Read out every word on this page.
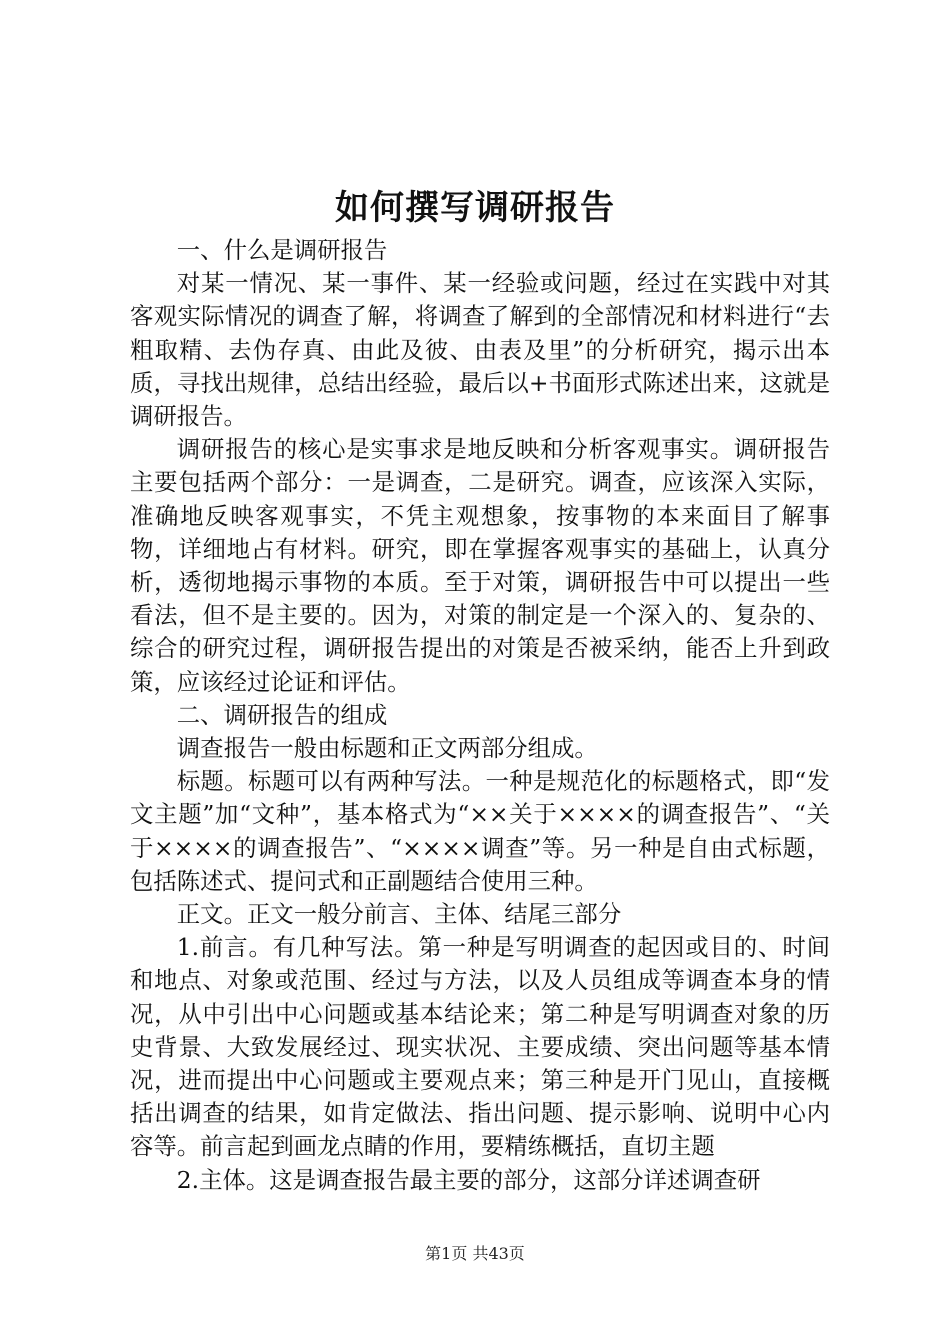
如何撰写调研报告

一、什么是调研报告

对某一情况、某一事件、某一经验或问题，经过在实践中对其客观实际情况的调查了解，将调查了解到的全部情况和材料进行“去粗取精、去伪存真、由此及彼、由表及里”的分析研究，揭示出本质，寻找出规律，总结出经验，最后以+书面形式陈述出来，这就是调研报告。

调研报告的核心是实事求是地反映和分析客观事实。调研报告主要包括两个部分：一是调查，二是研究。调查，应该深入实际，准确地反映客观事实，不凭主观想象，按事物的本来面目了解事物，详细地占有材料。研究，即在掌握客观事实的基础上，认真分析，透彻地揭示事物的本质。至于对策，调研报告中可以提出一些看法，但不是主要的。因为，对策的制定是一个深入的、复杂的、综合的研究过程，调研报告提出的对策是否被采纳，能否上升到政策，应该经过论证和评估。

二、调研报告的组成

调查报告一般由标题和正文两部分组成。

标题。标题可以有两种写法。一种是规范化的标题格式，即“发文主题”加“文种”，基本格式为“××关于××××的调查报告”、“关于××××的调查报告”、“××××调查”等。另一种是自由式标题，包括陈述式、提问式和正副题结合使用三种。

正文。正文一般分前言、主体、结尾三部分

1.前言。有几种写法。第一种是写明调查的起因或目的、时间和地点、对象或范围、经过与方法，以及人员组成等调查本身的情况，从中引出中心问题或基本结论来；第二种是写明调查对象的历史背景、大致发展经过、现实状况、主要成绩、突出问题等基本情况，进而提出中心问题或主要观点来；第三种是开门见山，直接概括出调查的结果，如肯定做法、指出问题、提示影响、说明中心内容等。前言起到画龙点睛的作用，要精练概括，直切主题

2.主体。这是调查报告最主要的部分，这部分详述调查研

第1页 共43页
